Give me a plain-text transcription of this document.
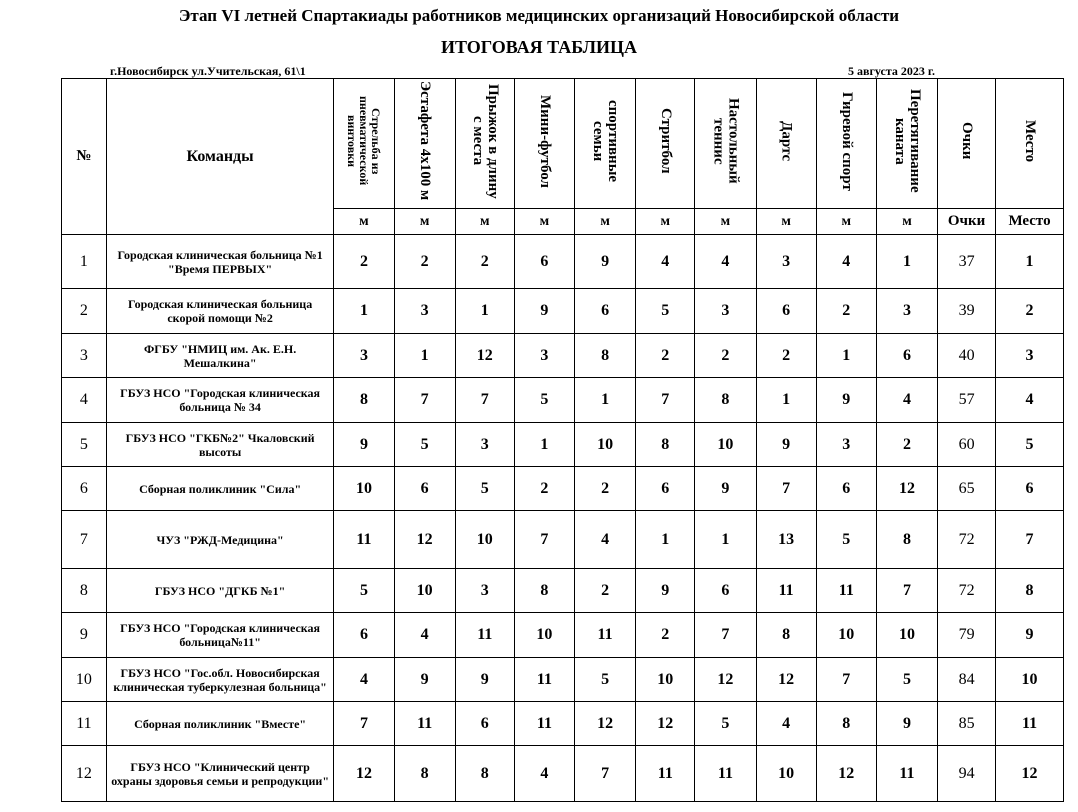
Этап VI летней Спартакиады работников медицинских организаций Новосибирской области
ИТОГОВАЯ ТАБЛИЦА
г.Новосибирск ул.Учительская, 61\1	5 августа 2023 г.
№	Команды	Стрельба из пневматической винтовки	Эстафета 4х100 м	Прыжок в длину с места	Мини-футбол	спортивные семьи	Стритбол	Настольный теннис	Дартс	Гиревой спорт	Перетягивание каната	Очки	Место
		м	м	м	м	м	м	м	м	м	м	Очки	Место
1	Городская клиническая больница №1 "Время ПЕРВЫХ"	2	2	2	6	9	4	4	3	4	1	37	1
2	Городская клиническая больница скорой помощи №2	1	3	1	9	6	5	3	6	2	3	39	2
3	ФГБУ "НМИЦ им. Ак. Е.Н. Мешалкина"	3	1	12	3	8	2	2	2	1	6	40	3
4	ГБУЗ НСО "Городская клиническая больница № 34	8	7	7	5	1	7	8	1	9	4	57	4
5	ГБУЗ НСО "ГКБ№2" Чкаловский высоты	9	5	3	1	10	8	10	9	3	2	60	5
6	Сборная поликлиник "Сила"	10	6	5	2	2	6	9	7	6	12	65	6
7	ЧУЗ "РЖД-Медицина"	11	12	10	7	4	1	1	13	5	8	72	7
8	ГБУЗ НСО "ДГКБ №1"	5	10	3	8	2	9	6	11	11	7	72	8
9	ГБУЗ НСО "Городская клиническая больница№11"	6	4	11	10	11	2	7	8	10	10	79	9
10	ГБУЗ НСО "Гос.обл. Новосибирская клиническая туберкулезная больница"	4	9	9	11	5	10	12	12	7	5	84	10
11	Сборная поликлиник "Вместе"	7	11	6	11	12	12	5	4	8	9	85	11
12	ГБУЗ НСО "Клинический центр охраны здоровья семьи и репродукции"	12	8	8	4	7	11	11	10	12	11	94	12
